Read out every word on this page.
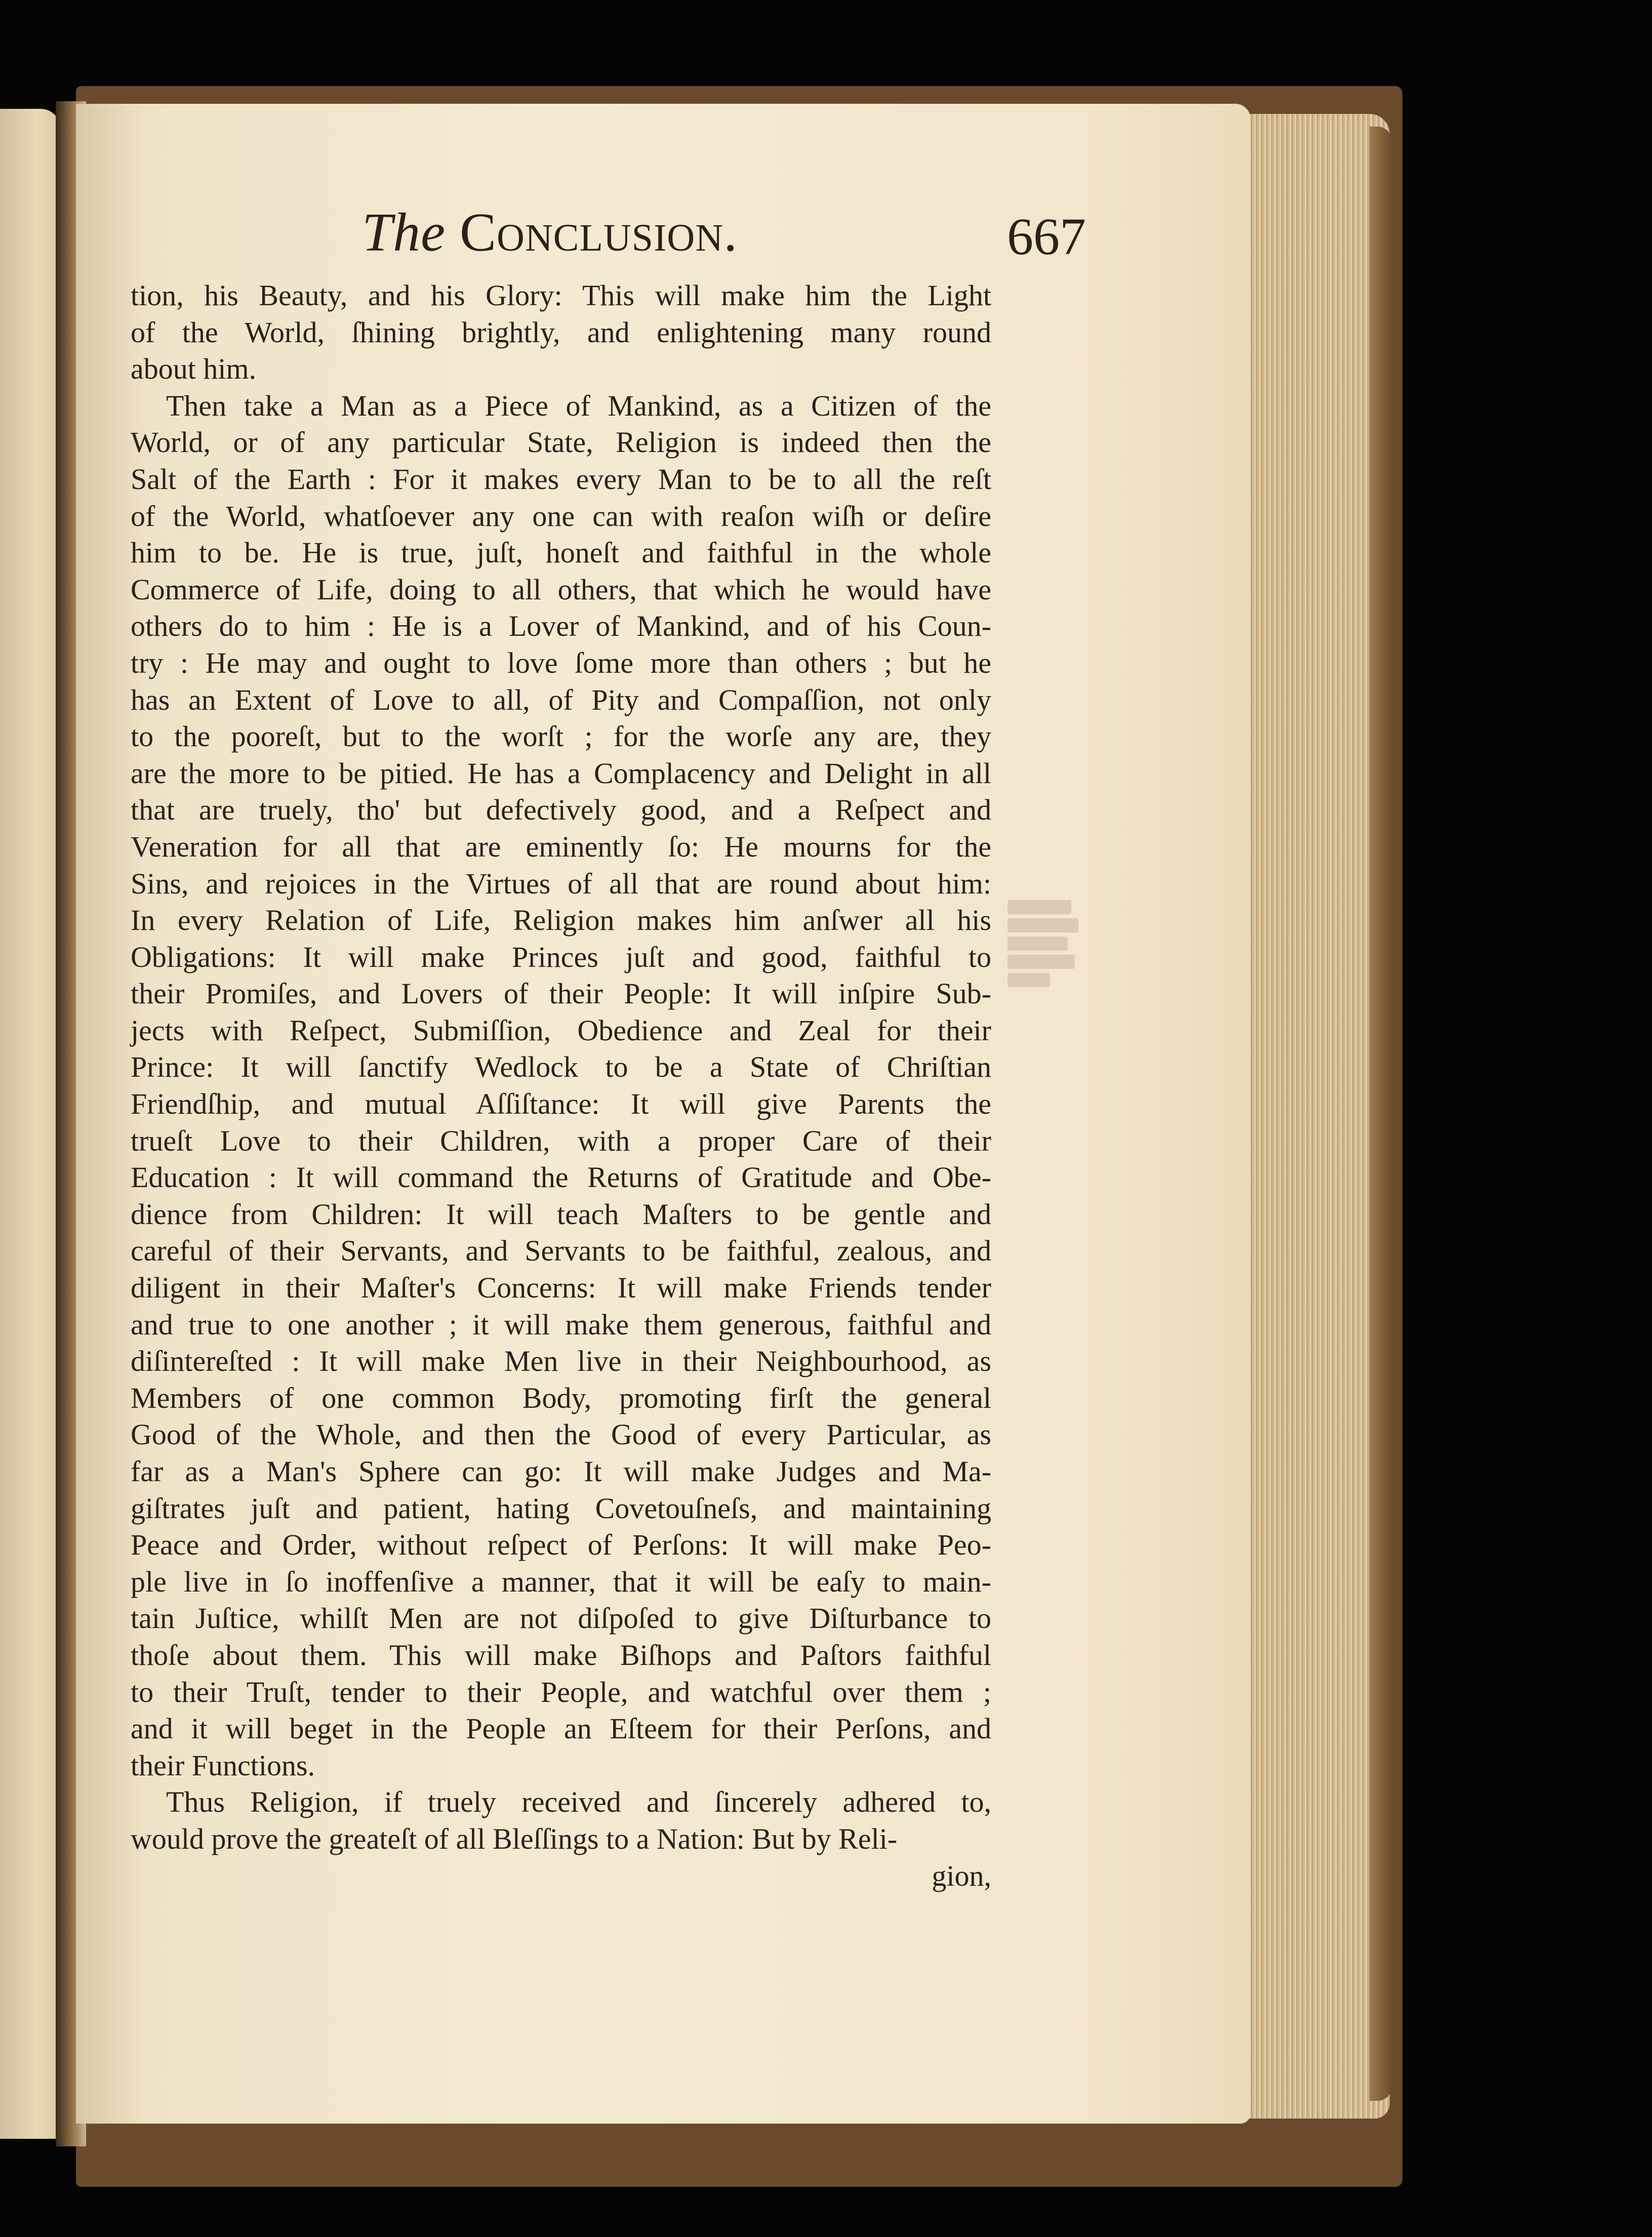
The Conclusion.	667
tion, his Beauty, and his Glory: This will make him the Light
of the World, ſhining brightly, and enlightening many round
about him.
Then take a Man as a Piece of Mankind, as a Citizen of the
World, or of any particular State, Religion is indeed then the
Salt of the Earth : For it makes every Man to be to all the reſt
of the World, whatſoever any one can with reaſon wiſh or deſire
him to be. He is true, juſt, honeſt and faithful in the whole
Commerce of Life, doing to all others, that which he would have
others do to him : He is a Lover of Mankind, and of his Coun-
try : He may and ought to love ſome more than others ; but he
has an Extent of Love to all, of Pity and Compaſſion, not only
to the pooreſt, but to the worſt ; for the worſe any are, they
are the more to be pitied. He has a Complacency and Delight in all
that are truely, tho' but defectively good, and a Reſpect and
Veneration for all that are eminently ſo: He mourns for the
Sins, and rejoices in the Virtues of all that are round about him:
In every Relation of Life, Religion makes him anſwer all his
Obligations: It will make Princes juſt and good, faithful to
their Promiſes, and Lovers of their People: It will inſpire Sub-
jects with Reſpect, Submiſſion, Obedience and Zeal for their
Prince: It will ſanctify Wedlock to be a State of Chriſtian
Friendſhip, and mutual Aſſiſtance: It will give Parents the
trueſt Love to their Children, with a proper Care of their
Education : It will command the Returns of Gratitude and Obe-
dience from Children: It will teach Maſters to be gentle and
careful of their Servants, and Servants to be faithful, zealous, and
diligent in their Maſter's Concerns: It will make Friends tender
and true to one another ; it will make them generous, faithful and
diſintereſted : It will make Men live in their Neighbourhood, as
Members of one common Body, promoting firſt the general
Good of the Whole, and then the Good of every Particular, as
far as a Man's Sphere can go: It will make Judges and Ma-
giſtrates juſt and patient, hating Covetouſneſs, and maintaining
Peace and Order, without reſpect of Perſons: It will make Peo-
ple live in ſo inoffenſive a manner, that it will be eaſy to main-
tain Juſtice, whilſt Men are not diſpoſed to give Diſturbance to
thoſe about them. This will make Biſhops and Paſtors faithful
to their Truſt, tender to their People, and watchful over them ;
and it will beget in the People an Eſteem for their Perſons, and
their Functions.
Thus Religion, if truely received and ſincerely adhered to,
would prove the greateſt of all Bleſſings to a Nation: But by Reli-
gion,
